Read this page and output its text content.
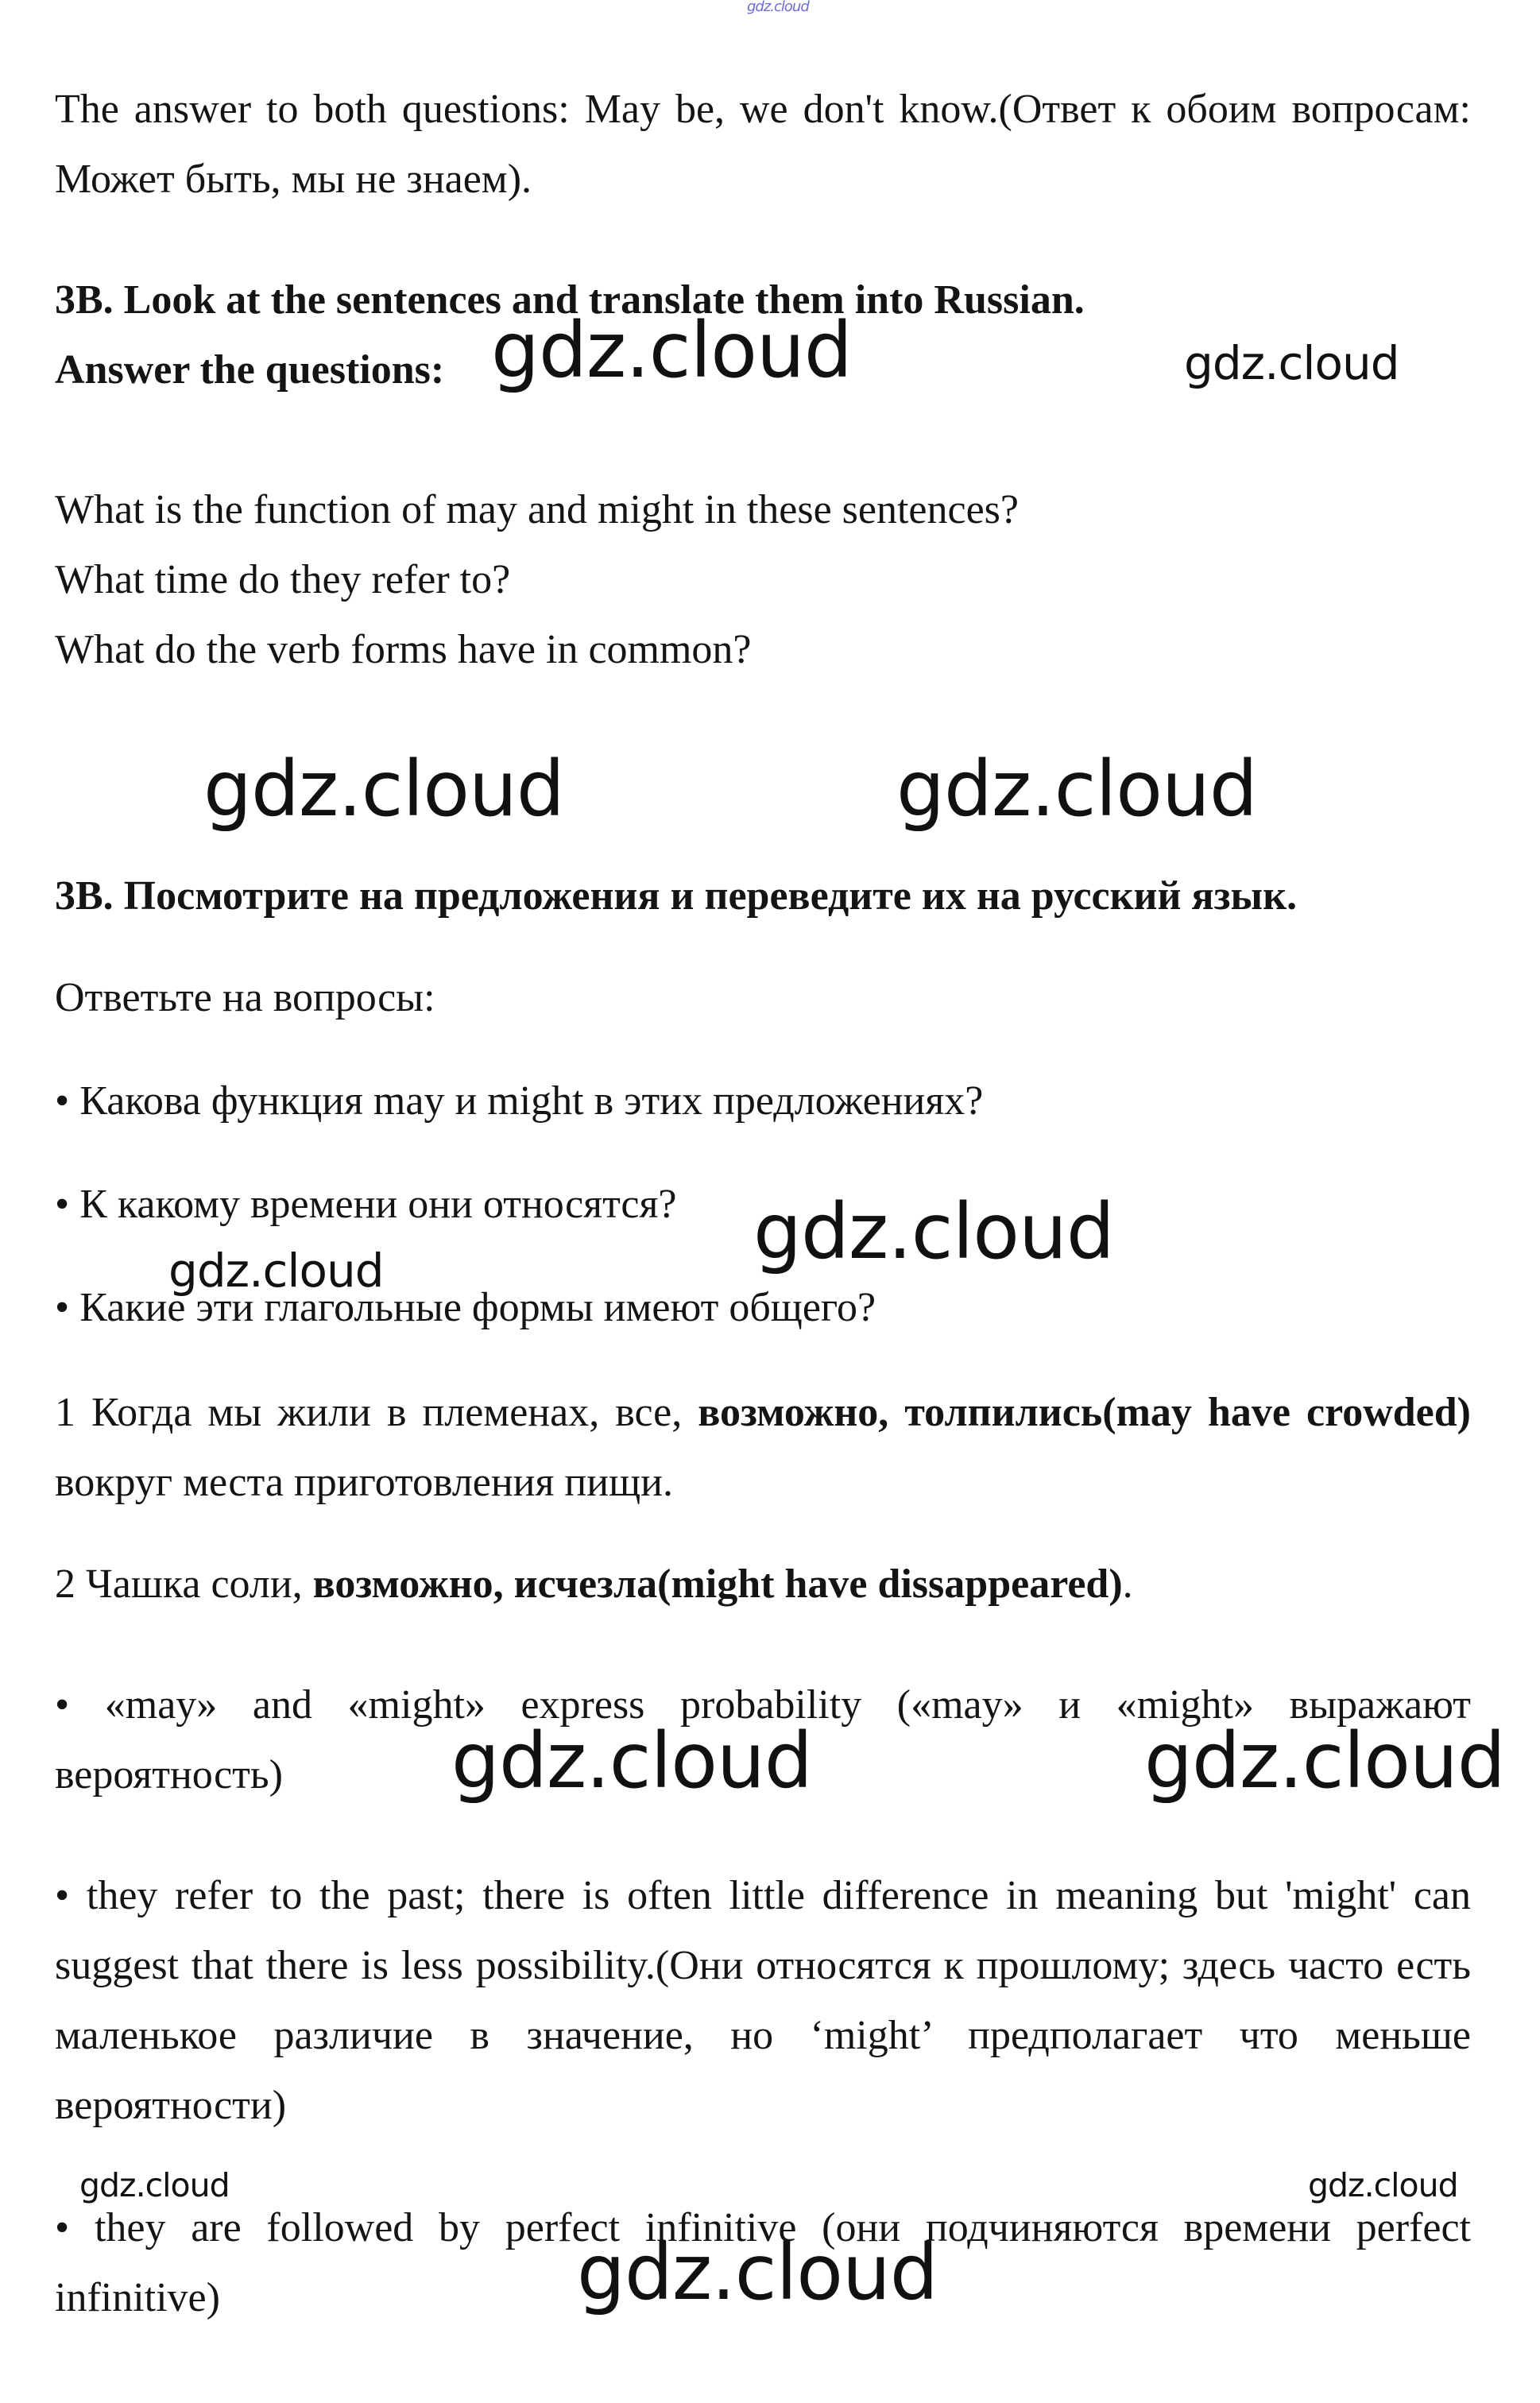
gdz.cloud

The answer to both questions: May be, we don't know.(Ответ к обоим вопросам: Может быть, мы не знаем).

3B. Look at the sentences and translate them into Russian.
Answer the questions:
What is the function of may and might in these sentences?
What time do they refer to?
What do the verb forms have in common?
3B. Посмотрите на предложения и переведите их на русский язык.
Ответьте на вопросы:
• Какова функция may и might в этих предложениях?
• К какому времени они относятся?
• Какие эти глагольные формы имеют общего?

1 Когда мы жили в племенах, все, возможно, толпились(may have crowded) вокруг места приготовления пищи.

2 Чашка соли, возможно, исчезла(might have dissappeared).

• «may» and «might» express probability («may» и «might» выражают вероятность)

• they refer to the past; there is often little difference in meaning but 'might' can suggest that there is less possibility.(Они относятся к прошлому; здесь часто есть маленькое различие в значение, но ‘might’ предполагает что меньше вероятности)

• they are followed by perfect infinitive (они подчиняются времени perfect infinitive)

gdz.cloud	gdz.cloud
gdz.cloud	gdz.cloud
gdz.cloud
gdz.cloud
gdz.cloud	gdz.cloud
gdz.cloud	gdz.cloud
gdz.cloud
